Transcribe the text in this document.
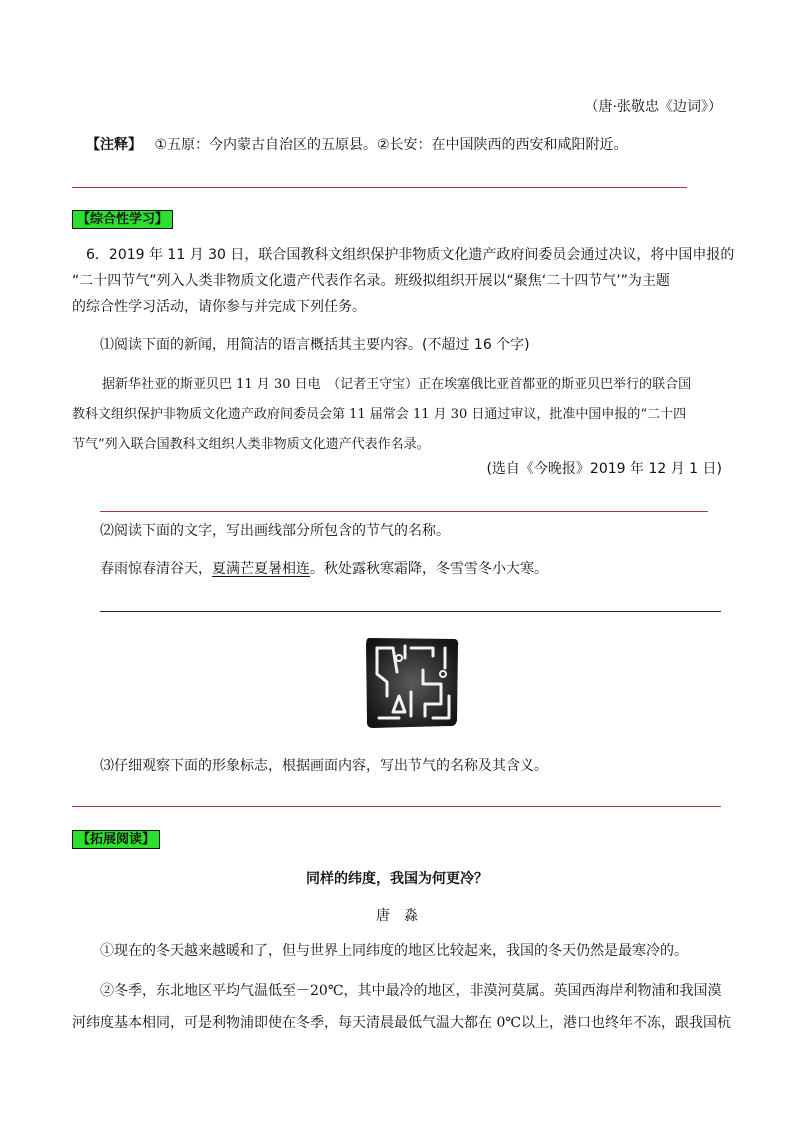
（唐·张敬忠《边词》）
【注释】 ①五原：今内蒙古自治区的五原县。②长安：在中国陕西的西安和咸阳附近。
【综合性学习】
6．2019 年 11 月 30 日，联合国教科文组织保护非物质文化遗产政府间委员会通过决议，将中国申报的
“二十四节气”列入人类非物质文化遗产代表作名录。班级拟组织开展以“聚焦‘二十四节气’”为主题
的综合性学习活动，请你参与并完成下列任务。
⑴阅读下面的新闻，用简洁的语言概括其主要内容。(不超过 16 个字)
据新华社亚的斯亚贝巴 11 月 30 日电　（记者王守宝）正在埃塞俄比亚首都亚的斯亚贝巴举行的联合国
教科文组织保护非物质文化遗产政府间委员会第 11 届常会 11 月 30 日通过审议，批准中国申报的“二十四
节气”列入联合国教科文组织人类非物质文化遗产代表作名录。
(选自《今晚报》2019 年 12 月 1 日)
⑵阅读下面的文字，写出画线部分所包含的节气的名称。
春雨惊春清谷天，夏满芒夏暑相连。秋处露秋寒霜降，冬雪雪冬小大寒。
⑶仔细观察下面的形象标志，根据画面内容，写出节气的名称及其含义。
【拓展阅读】
同样的纬度，我国为何更冷？
唐　淼
①现在的冬天越来越暖和了，但与世界上同纬度的地区比较起来，我国的冬天仍然是最寒冷的。
②冬季，东北地区平均气温低至－20℃，其中最冷的地区，非漠河莫属。英国西海岸利物浦和我国漠
河纬度基本相同，可是利物浦即使在冬季，每天清晨最低气温大都在 0℃以上，港口也终年不冻，跟我国杭
